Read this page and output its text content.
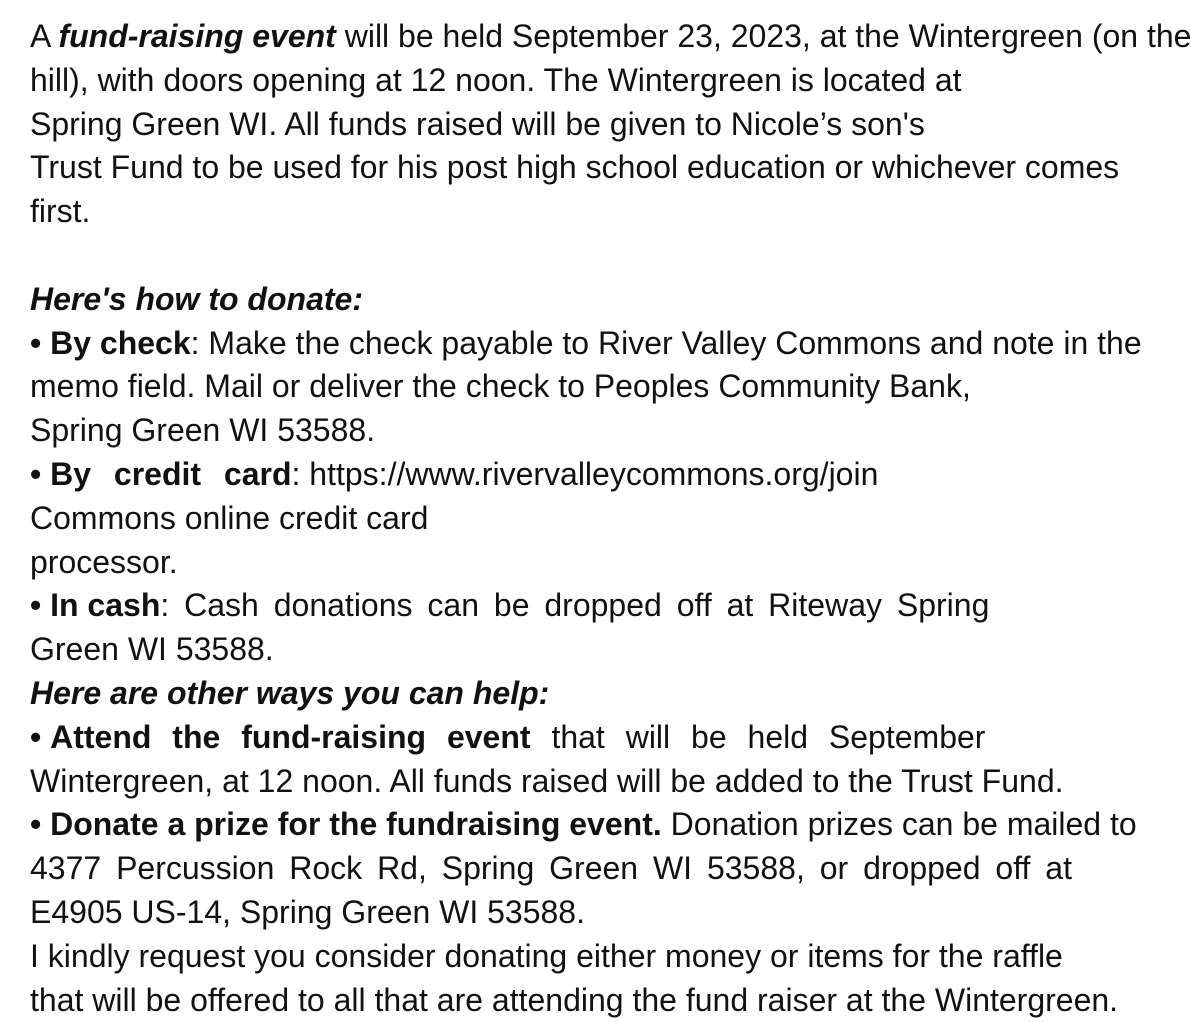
A fund-raising event will be held September 23, 2023, at the Wintergreen (on the
hill), with doors opening at 12 noon. The Wintergreen is located at
Spring Green WI. All funds raised will be given to Nicole’s son's
Trust Fund to be used for his post high school education or whichever comes
first.
Here's how to donate:
• By check: Make the check payable to River Valley Commons and note in the
memo field. Mail or deliver the check to Peoples Community Bank,
Spring Green WI 53588.
• By credit card: https://www.rivervalleycommons.org/join
Commons online credit card
processor.
• In cash: Cash donations can be dropped off at Riteway Spring
Green WI 53588.
Here are other ways you can help:
• Attend the fund-raising event that will be held September
Wintergreen, at 12 noon. All funds raised will be added to the Trust Fund.
• Donate a prize for the fundraising event. Donation prizes can be mailed to
4377 Percussion Rock Rd, Spring Green WI 53588, or dropped off at
E4905 US-14, Spring Green WI 53588.
I kindly request you consider donating either money or items for the raffle
that will be offered to all that are attending the fund raiser at the Wintergreen.
